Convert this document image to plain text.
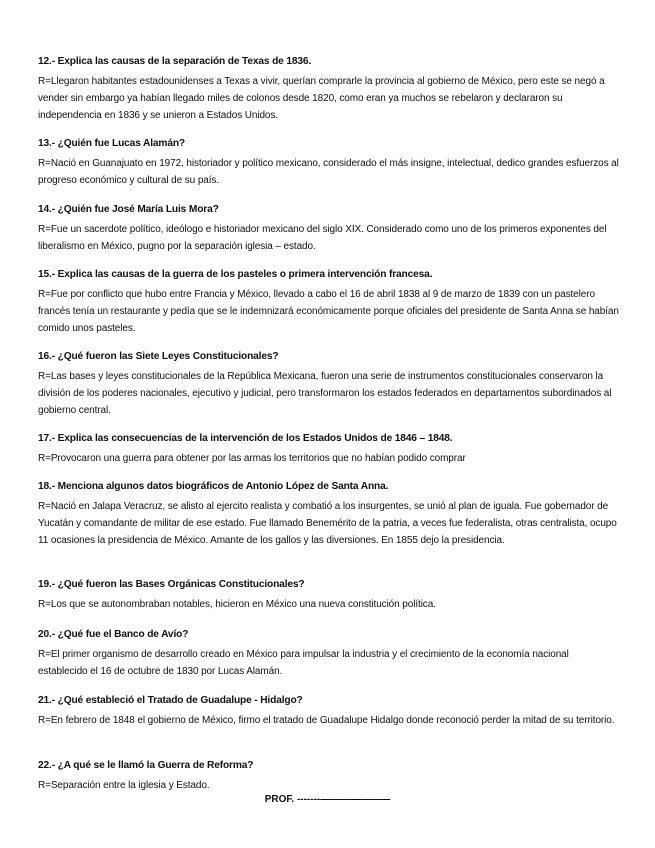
12.- Explica las causas de la separación de Texas de 1836.

R=Llegaron habitantes estadounidenses a Texas a vivir, querían comprarle la provincia al gobierno de México, pero este se negó a vender sin embargo ya habían llegado miles de colonos desde 1820, como eran ya muchos se rebelaron y declararon su independencia en 1836 y se unieron a Estados Unidos.

13.- ¿Quién fue Lucas Alamán?

R=Nació en Guanajuato en 1972, historiador y político mexicano, considerado el más insigne, intelectual, dedico grandes esfuerzos al progreso económico y cultural de su país.

14.- ¿Quién fue José María Luis Mora?

R=Fue un sacerdote político, ideólogo e historiador mexicano del siglo XIX. Considerado como uno de los primeros exponentes del liberalismo en México, pugno por la separación iglesia – estado.

15.- Explica las causas de la guerra de los pasteles o primera intervención francesa.

R=Fue por conflicto que hubo entre Francia y México, llevado a cabo el 16 de abril 1838 al 9 de marzo de 1839 con un pastelero francés tenía un restaurante y pedía que se le indemnizará económicamente porque oficiales del presidente de Santa Anna se habían comido unos pasteles.

16.- ¿Qué fueron las Siete Leyes Constitucionales?

R=Las bases y leyes constitucionales de la República Mexicana, fueron una serie de instrumentos constitucionales conservaron la división de los poderes nacionales, ejecutivo y judicial, pero transformaron los estados federados en departamentos subordinados al gobierno central.

17.- Explica las consecuencias de la intervención de los Estados Unidos de 1846 – 1848.

R=Provocaron una guerra para obtener por las armas los territorios que no habían podido comprar

18.- Menciona algunos datos biográficos de Antonio López de Santa Anna.

R=Nació en Jalapa Veracruz, se alisto al ejercito realista y combatió a los insurgentes, se unió al plan de iguala. Fue gobernador de Yucatán y comandante de militar de ese estado. Fue llamado Benemérito de la patria, a veces fue federalista, otras centralista, ocupo 11 ocasiones la presidencia de México. Amante de los gallos y las diversiones. En 1855 dejo la presidencia.

19.- ¿Qué fueron las Bases Orgánicas Constitucionales?

R=Los que se autonombraban notables, hicieron en México una nueva constitución política.

20.- ¿Qué fue el Banco de Avío?

R=El primer organismo de desarrollo creado en México para impulsar la industria y el crecimiento de la economía nacional establecido el 16 de octubre de 1830 por Lucas Alamán.

21.- ¿Qué estableció el Tratado de Guadalupe - Hidalgo?

R=En febrero de 1848 el gobierno de México, firmo el tratado de Guadalupe Hidalgo donde reconoció perder la mitad de su territorio.

22.- ¿A qué se le llamó la Guerra de Reforma?

R=Separación entre la iglesia y Estado.

PROF. -------———————
